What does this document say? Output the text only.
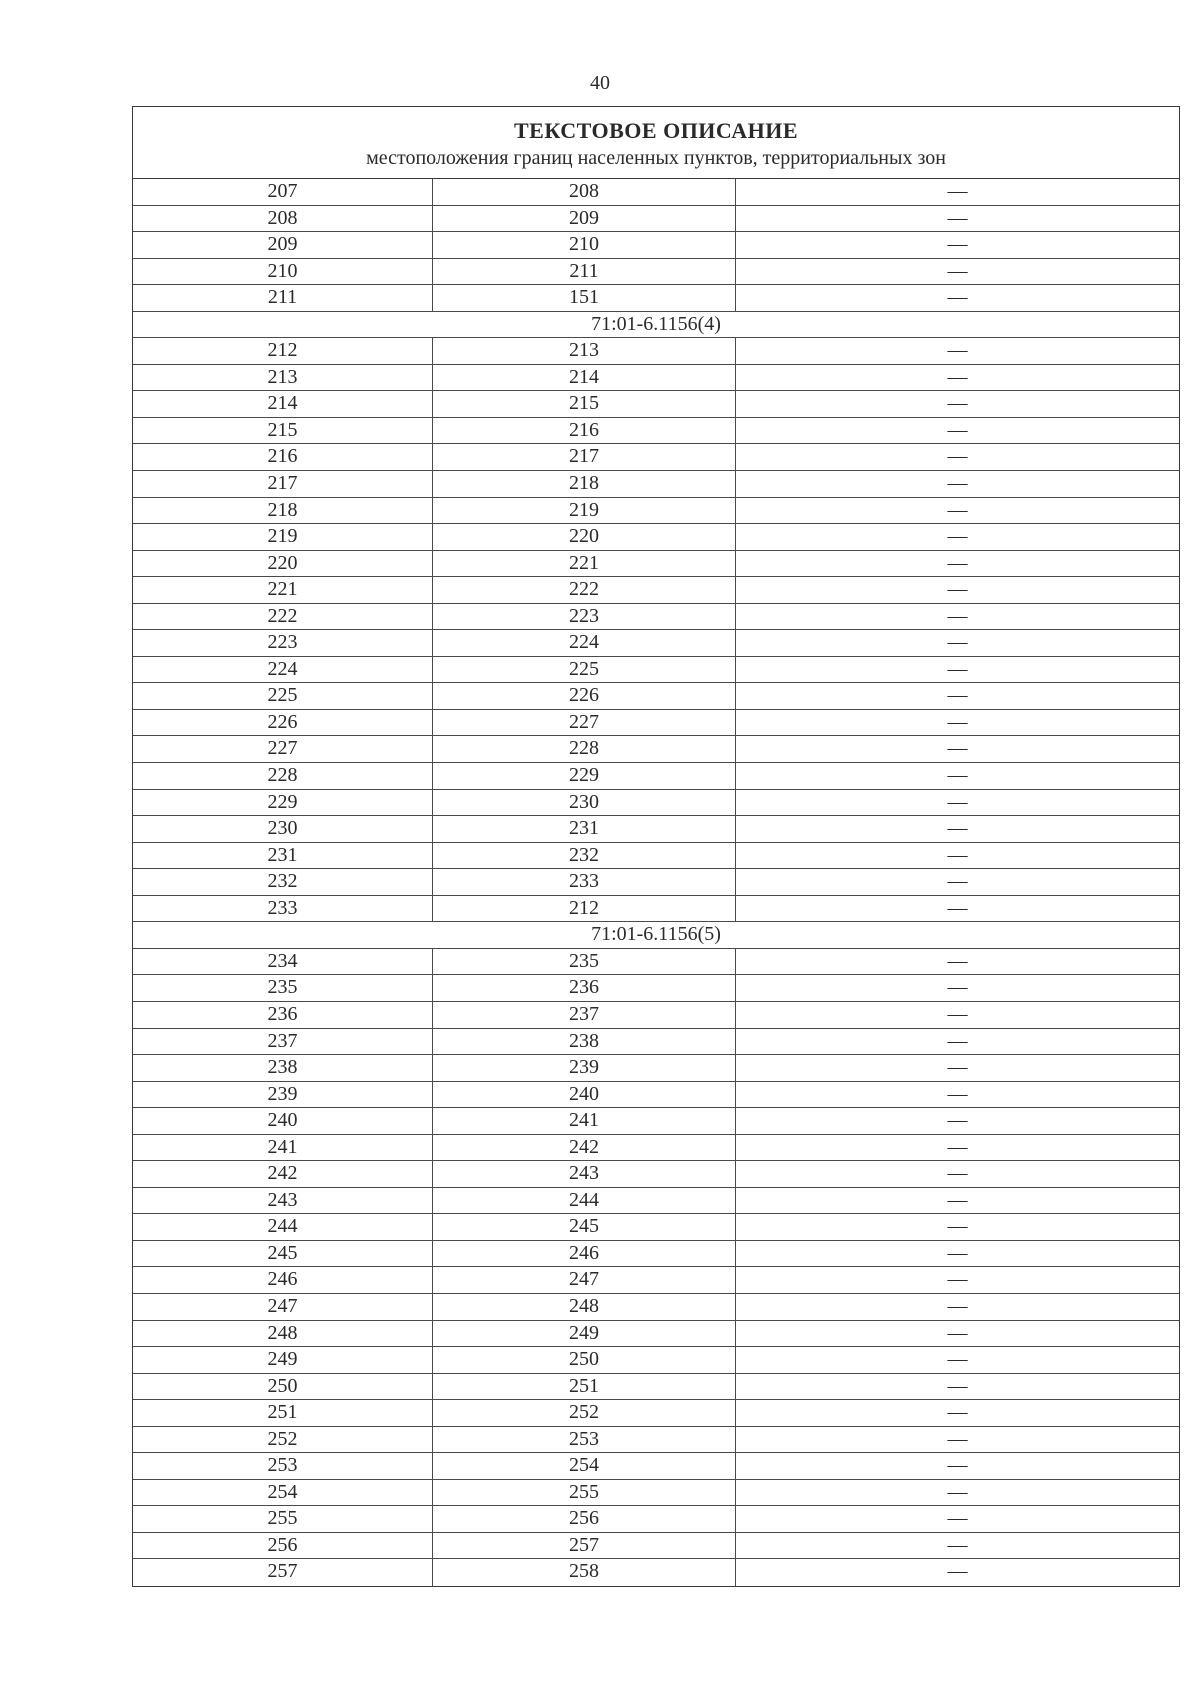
40
ТЕКСТОВОЕ ОПИСАНИЕ
местоположения границ населенных пунктов, территориальных зон
207	208	—
208	209	—
209	210	—
210	211	—
211	151	—
71:01-6.1156(4)
212	213	—
213	214	—
214	215	—
215	216	—
216	217	—
217	218	—
218	219	—
219	220	—
220	221	—
221	222	—
222	223	—
223	224	—
224	225	—
225	226	—
226	227	—
227	228	—
228	229	—
229	230	—
230	231	—
231	232	—
232	233	—
233	212	—
71:01-6.1156(5)
234	235	—
235	236	—
236	237	—
237	238	—
238	239	—
239	240	—
240	241	—
241	242	—
242	243	—
243	244	—
244	245	—
245	246	—
246	247	—
247	248	—
248	249	—
249	250	—
250	251	—
251	252	—
252	253	—
253	254	—
254	255	—
255	256	—
256	257	—
257	258	—
